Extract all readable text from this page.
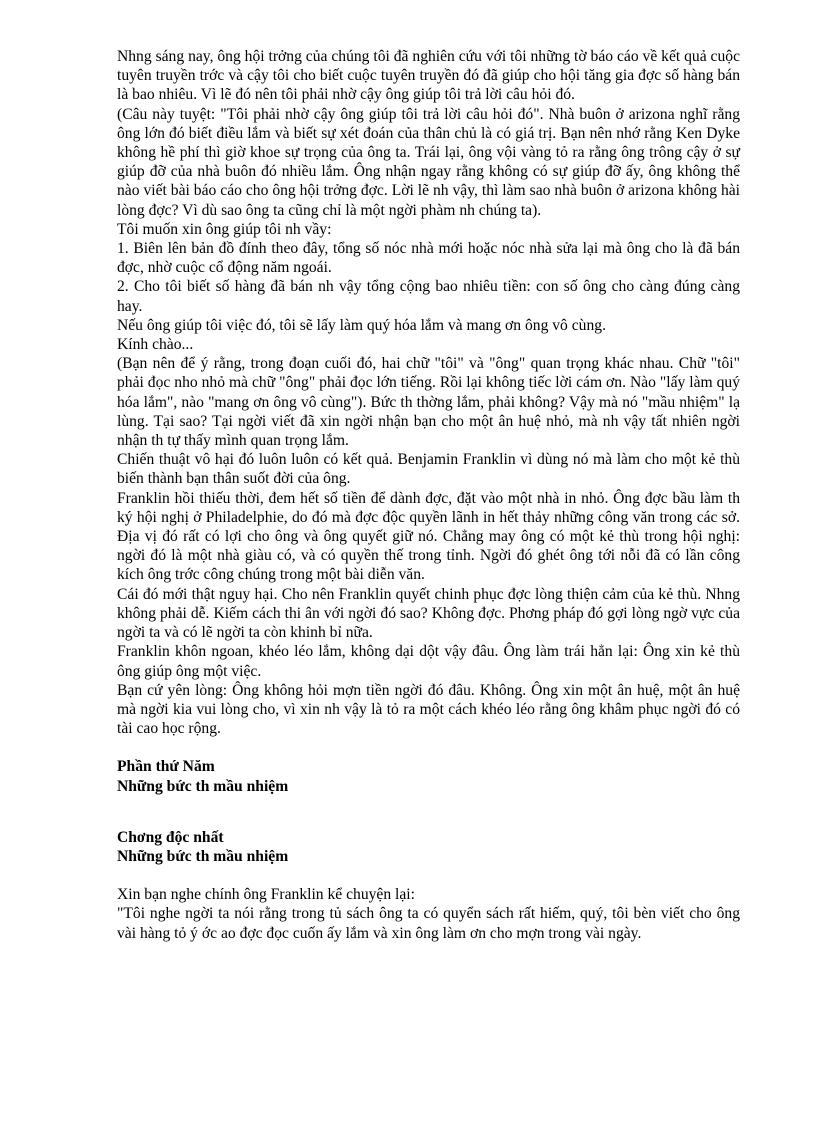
Nhng sáng nay, ông hội trởng của chúng tôi đã nghiên cứu với tôi những tờ báo cáo về kết quả cuộc tuyên truyền trớc và cậy tôi cho biết cuộc tuyên truyền đó đã giúp cho hội tăng gia đợc số hàng bán là bao nhiêu. Vì lẽ đó nên tôi phải nhờ cậy ông giúp tôi trả lời câu hỏi đó.

(Câu này tuyệt: "Tôi phải nhờ cậy ông giúp tôi trả lời câu hỏi đó". Nhà buôn ở arizona nghĩ rằng ông lớn đó biết điều lắm và biết sự xét đoán của thân chủ là có giá trị. Bạn nên nhớ rằng Ken Dyke không hề phí thì giờ khoe sự trọng của ông ta. Trái lại, ông vội vàng tỏ ra rằng ông trông cậy ở sự giúp đỡ của nhà buôn đó nhiều lắm. Ông nhận ngay rằng không có sự giúp đỡ ấy, ông không thể nào viết bài báo cáo cho ông hội trởng đợc. Lời lẽ nh vậy, thì làm sao nhà buôn ở arizona không hài lòng đợc? Vì dù sao ông ta cũng chỉ là một ngời phàm nh chúng ta).

Tôi muốn xin ông giúp tôi nh vầy:

1. Biên lên bản đồ đính theo đây, tổng số nóc nhà mới hoặc nóc nhà sửa lại mà ông cho là đã bán đợc, nhờ cuộc cổ động năm ngoái.

2. Cho tôi biết số hàng đã bán nh vậy tổng cộng bao nhiêu tiền: con số ông cho càng đúng càng hay.

Nếu ông giúp tôi việc đó, tôi sẽ lấy làm quý hóa lắm và mang ơn ông vô cùng.

Kính chào...

(Bạn nên để ý rằng, trong đoạn cuối đó, hai chữ "tôi" và "ông" quan trọng khác nhau. Chữ "tôi" phải đọc nho nhỏ mà chữ "ông" phải đọc lớn tiếng. Rồi lại không tiếc lời cám ơn. Nào "lấy làm quý hóa lắm", nào "mang ơn ông vô cùng"). Bức th thờng lắm, phải không? Vậy mà nó "mầu nhiệm" lạ lùng. Tại sao? Tại ngời viết đã xin ngời nhận bạn cho một ân huệ nhỏ, mà nh vậy tất nhiên ngời nhận th tự thấy mình quan trọng lắm.

Chiến thuật vô hại đó luôn luôn có kết quả. Benjamin Franklin vì dùng nó mà làm cho một kẻ thù biến thành bạn thân suốt đời của ông.

Franklin hồi thiếu thời, đem hết số tiền để dành đợc, đặt vào một nhà in nhỏ. Ông đợc bầu làm th ký hội nghị ở Philadelphie, do đó mà đợc độc quyền lãnh in hết thảy những công văn trong các sở. Địa vị đó rất có lợi cho ông và ông quyết giữ nó. Chẳng may ông có một kẻ thù trong hội nghị: ngời đó là một nhà giàu có, và có quyền thế trong tỉnh. Ngời đó ghét ông tới nỗi đã có lần công kích ông trớc công chúng trong một bài diễn văn.

Cái đó mới thật nguy hại. Cho nên Franklin quyết chinh phục đợc lòng thiện cảm của kẻ thù. Nhng không phải dễ. Kiếm cách thi ân với ngời đó sao? Không đợc. Phơng pháp đó gợi lòng ngờ vực của ngời ta và có lẽ ngời ta còn khinh bỉ nữa.

Franklin khôn ngoan, khéo léo lắm, không dại dột vậy đâu. Ông làm trái hẳn lại: Ông xin kẻ thù ông giúp ông một việc.

Bạn cứ yên lòng: Ông không hỏi mợn tiền ngời đó đâu. Không. Ông xin một ân huệ, một ân huệ mà ngời kia vui lòng cho, vì xin nh vậy là tỏ ra một cách khéo léo rằng ông khâm phục ngời đó có tài cao học rộng.

Phần thứ Năm

Những bức th mầu nhiệm

Chơng độc nhất

Những bức th mầu nhiệm

Xin bạn nghe chính ông Franklin kể chuyện lại:

"Tôi nghe ngời ta nói rằng trong tủ sách ông ta có quyển sách rất hiếm, quý, tôi bèn viết cho ông vài hàng tỏ ý ớc ao đợc đọc cuốn ấy lắm và xin ông làm ơn cho mợn trong vài ngày.
